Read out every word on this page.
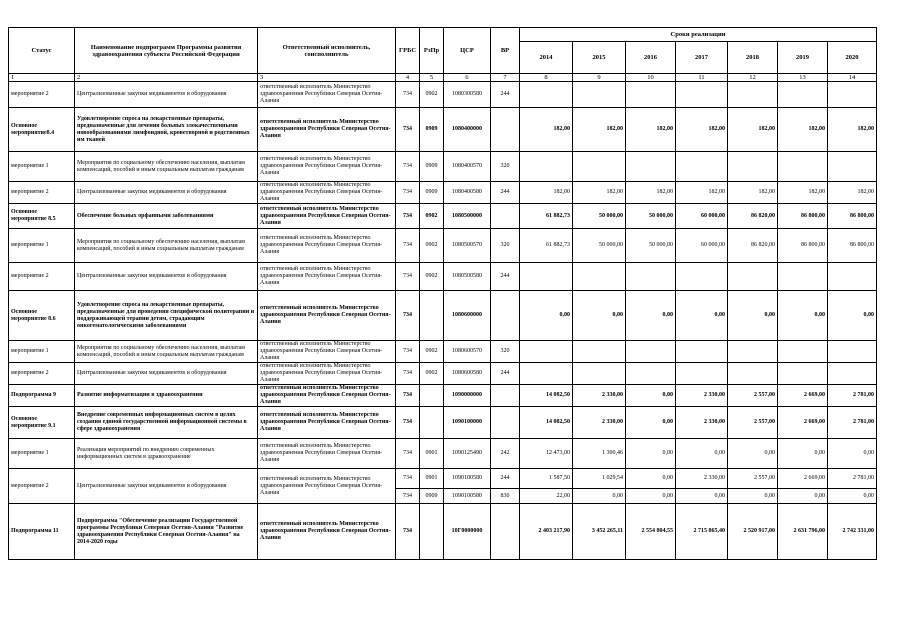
Статус	Наименование подпрограмм Программы развития здравоохранения субъекта Российской Федерации	Ответственный исполнитель, соисполнитель	ГРБС	РзПр	ЦСР	ВР	Сроки реализации						
							2014	2015	2016	2017	2018	2019	2020
1	2	3	4	5	6	7	8	9	10	11	12	13	14
мероприятие 2	Централизованные закупки медикаментов и оборудования	ответственный исполнитель Министерство здравоохранения Республики Северная Осетия-Алания	734	0902	1080300580	244							
Основное мероприятие8.4	Удовлетворение спроса на лекарственные препараты, предназначенные для лечения больных злокачественными новообразованиями лимфоидной, кроветворной и родственных им тканей	ответственный исполнитель Министерство здравоохранения Республики Северная Осетия-Алания	734	0909	1080400000		182,00	182,00	182,00	182,00	182,00	182,00	182,00
мероприятие 1	Мероприятия по социальному обеспечению населения, выплатам компенсаций, пособий и иным социальным выплатам гражданам	ответственный исполнитель Министерство здравоохранения Республики Северная Осетия-Алания	734	0909	1080400570	320							
мероприятие 2	Централизованные закупки медикаментов и оборудования	ответственный исполнитель Министерство здравоохранения Республики Северная Осетия-Алания	734	0909	1080400580	244	182,00	182,00	182,00	182,00	182,00	182,00	182,00
Основное мероприятие 8.5	Обеспечение больных орфанными заболеваниями	ответственный исполнитель Министерство здравоохранения Республики Северная Осетия-Алания	734	0902	1080500000		61 882,73	50 000,00	50 000,00	60 000,00	86 820,00	86 800,00	86 800,00
мероприятие 1	Мероприятия по социальному обеспечению населения, выплатам компенсаций, пособий и иным социальным выплатам гражданам	ответственный исполнитель Министерство здравоохранения Республики Северная Осетия-Алания	734	0902	1080500570	320	61 882,73	50 000,00	50 000,00	60 000,00	86 820,00	86 800,00	86 800,00
мероприятие 2	Централизованные закупки медикаментов и оборудования	ответственный исполнитель Министерство здравоохранения Республики Северная Осетия-Алания	734	0902	1080500580	244							
Основное мероприятие 8.6	Удовлетворение спроса на лекарственные препараты, предназначенные для проведения специфической политерапии и поддерживающей терапии детям, страдающим онкогематологическими заболеваниями	ответственный исполнитель Министерство здравоохранения Республики Северная Осетия-Алания	734		1080600000		0,00	0,00	0,00	0,00	0,00	0,00	0,00
мероприятие 1	Мероприятия по социальному обеспечению населения, выплатам компенсаций, пособий и иным социальным выплатам гражданам	ответственный исполнитель Министерство здравоохранения Республики Северная Осетия-Алания	734	0902	1080600570	320							
мероприятие 2	Централизованные закупки медикаментов и оборудования	ответственный исполнитель Министерство здравоохранения Республики Северная Осетия-Алания	734	0902	1080600580	244							
Подпрограмма 9	Развитие информатизации в здравоохранении	ответственный исполнитель Министерство здравоохранения Республики Северная Осетия-Алания	734		1090000000		14 082,50	2 330,00	0,00	2 330,00	2 557,00	2 669,00	2 781,00
Основное мероприятие 9.1	Внедрение современных информационных систем в целях создания единой государственной информационной системы в сфере здравоохранения	ответственный исполнитель Министерство здравоохранения Республики Северная Осетия-Алания	734		1090100000		14 082,50	2 330,00	0,00	2 330,00	2 557,00	2 669,00	2 781,00
мероприятие 1	Реализация мероприятий по внедрению современных информационных систем в здравоохранение	ответственный исполнитель Министерство здравоохранения Республики Северная Осетия-Алания	734	0901	1090125490	242	12 473,00	1 300,46	0,00	0,00	0,00	0,00	0,00
мероприятие 2	Централизованные закупки медикаментов и оборудования	ответственный исполнитель Министерство здравоохранения Республики Северная Осетия-Алания	734	0901	1090100580	244	1 587,50	1 029,54	0,00	2 330,00	2 557,00	2 669,00	2 781,00
			734	0909	1090100580	830	22,00	0,00	0,00	0,00	0,00	0,00	0,00
Подпрограмма 11	Подпрограмма "Обеспечение реализации Государственной программы Республики Северная Осетия-Алания "Развитие здравоохранения Республики Северная Осетия-Алания" на 2014-2020 годы	ответственный исполнитель Министерство здравоохранения Республики Северная Осетия-Алания	734		10Г0000000		2 403 217,90	3 452 265,11	2 554 804,55	2 715 865,40	2 520 917,00	2 631 796,00	2 742 331,00
